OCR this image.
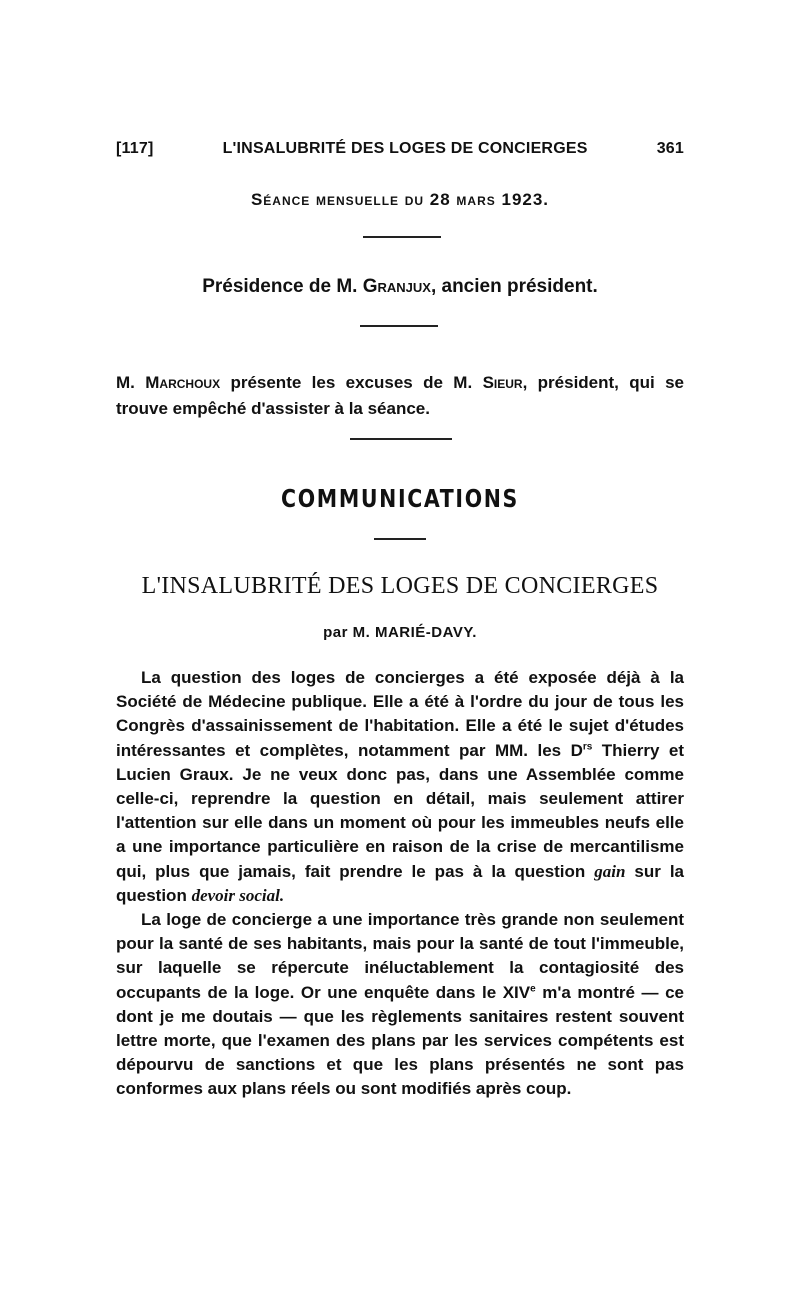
[117]	L'INSALUBRITÉ DES LOGES DE CONCIERGES	361
Séance mensuelle du 28 mars 1923.
Présidence de M. Granjux, ancien président.
M. Marchoux présente les excuses de M. Sieur, président, qui se trouve empêché d'assister à la séance.
COMMUNICATIONS
L'INSALUBRITÉ DES LOGES DE CONCIERGES
par M. MARIÉ-DAVY.

La question des loges de concierges a été exposée déjà à la Société de Médecine publique. Elle a été à l'ordre du jour de tous les Congrès d'assainissement de l'habitation. Elle a été le sujet d'études intéressantes et complètes, notamment par MM. les $D^{rs}$ Thierry et Lucien Graux. Je ne veux donc pas, dans une Assemblée comme celle-ci, reprendre la question en détail, mais seulement attirer l'attention sur elle dans un moment où pour les immeubles neufs elle a une importance particulière en raison de la crise de mercantilisme qui, plus que jamais, fait prendre le pas à la question gain sur la question devoir social.

La loge de concierge a une importance très grande non seulement pour la santé de ses habitants, mais pour la santé de tout l'immeuble, sur laquelle se répercute inéluctablement la contagiosité des occupants de la loge. Or une enquête dans le XIVe m'a montré — ce dont je me doutais — que les règlements sanitaires restent souvent lettre morte, que l'examen des plans par les services compétents est dépourvu de sanctions et que les plans présentés ne sont pas conformes aux plans réels ou sont modifiés après coup.
